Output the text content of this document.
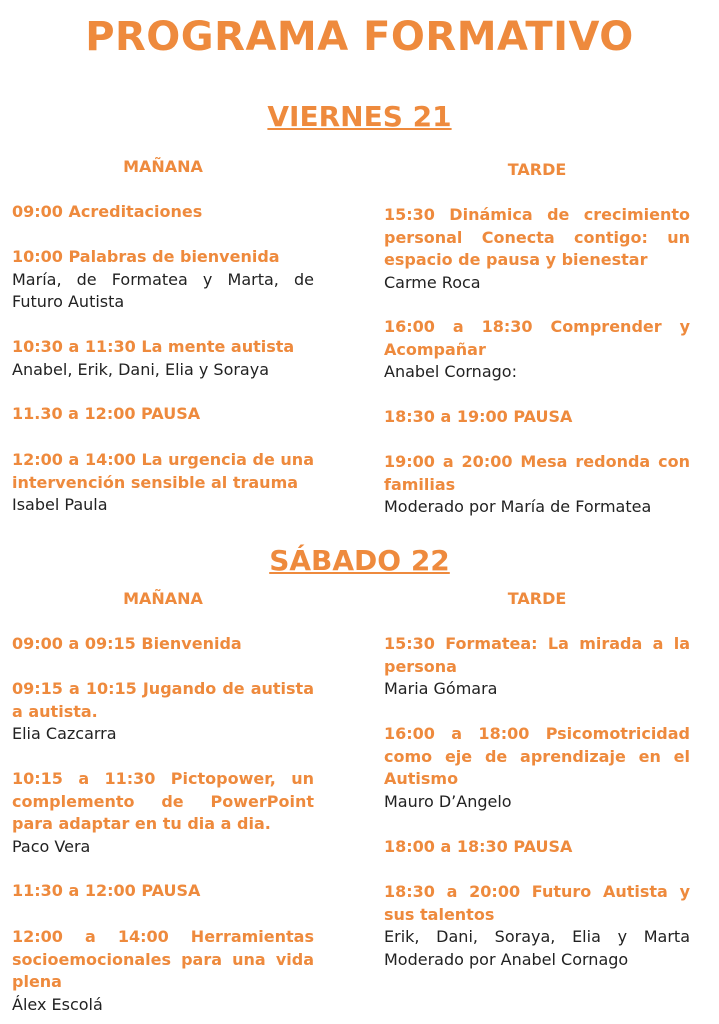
PROGRAMA FORMATIVO
VIERNES 21
MAÑANA	TARDE
09:00 Acreditaciones
10:00 Palabras de bienvenida
María, de Formatea y Marta, de Futuro Autista
10:30 a 11:30 La mente autista
Anabel, Erik, Dani, Elia y Soraya
11.30 a 12:00 PAUSA
12:00 a 14:00 La urgencia de una intervención sensible al trauma
Isabel Paula
15:30 Dinámica de crecimiento personal Conecta contigo: un espacio de pausa y bienestar
Carme Roca
16:00 a 18:30 Comprender y Acompañar
Anabel Cornago:
18:30 a 19:00 PAUSA
19:00 a 20:00 Mesa redonda con familias
Moderado por María de Formatea
SÁBADO 22
MAÑANA	TARDE
09:00 a 09:15 Bienvenida
09:15 a 10:15 Jugando de autista a autista.
Elia Cazcarra
10:15 a 11:30 Pictopower, un complemento de PowerPoint para adaptar en tu dia a dia.
Paco Vera
11:30 a 12:00 PAUSA
12:00 a 14:00 Herramientas socioemocionales para una vida plena
Álex Escolá
15:30 Formatea: La mirada a la persona
Maria Gómara
16:00 a 18:00 Psicomotricidad como eje de aprendizaje en el Autismo
Mauro D’Angelo
18:00 a 18:30 PAUSA
18:30 a 20:00 Futuro Autista y sus talentos
Erik, Dani, Soraya, Elia y Marta Moderado por Anabel Cornago
